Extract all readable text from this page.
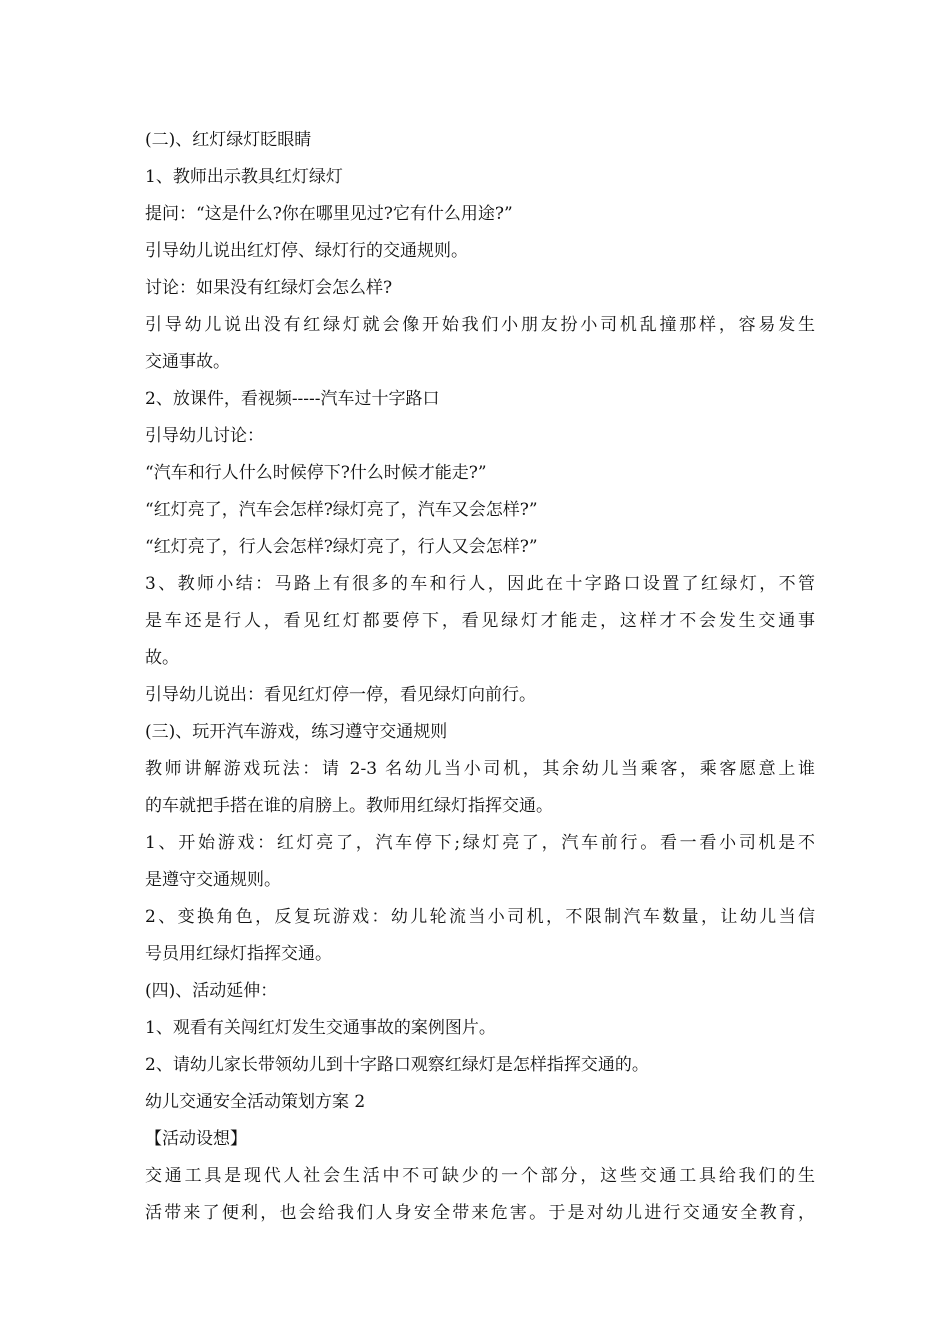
(二)、红灯绿灯眨眼睛
1、教师出示教具红灯绿灯
提问：“这是什么?你在哪里见过?它有什么用途?”
引导幼儿说出红灯停、绿灯行的交通规则。
讨论：如果没有红绿灯会怎么样?
引导幼儿说出没有红绿灯就会像开始我们小朋友扮小司机乱撞那样，容易发生
交通事故。
2、放课件，看视频-----汽车过十字路口
引导幼儿讨论：
“汽车和行人什么时候停下?什么时候才能走?”
“红灯亮了，汽车会怎样?绿灯亮了，汽车又会怎样?”
“红灯亮了，行人会怎样?绿灯亮了，行人又会怎样?”
3、教师小结：马路上有很多的车和行人，因此在十字路口设置了红绿灯，不管
是车还是行人，看见红灯都要停下，看见绿灯才能走，这样才不会发生交通事
故。
引导幼儿说出：看见红灯停一停，看见绿灯向前行。
(三)、玩开汽车游戏，练习遵守交通规则
教师讲解游戏玩法：请 2-3 名幼儿当小司机，其余幼儿当乘客，乘客愿意上谁
的车就把手搭在谁的肩膀上。教师用红绿灯指挥交通。
1、开始游戏：红灯亮了，汽车停下;绿灯亮了，汽车前行。看一看小司机是不
是遵守交通规则。
2、变换角色，反复玩游戏：幼儿轮流当小司机，不限制汽车数量，让幼儿当信
号员用红绿灯指挥交通。
(四)、活动延伸：
1、观看有关闯红灯发生交通事故的案例图片。
2、请幼儿家长带领幼儿到十字路口观察红绿灯是怎样指挥交通的。
幼儿交通安全活动策划方案 2
【活动设想】
交通工具是现代人社会生活中不可缺少的一个部分，这些交通工具给我们的生
活带来了便利，也会给我们人身安全带来危害。于是对幼儿进行交通安全教育，
